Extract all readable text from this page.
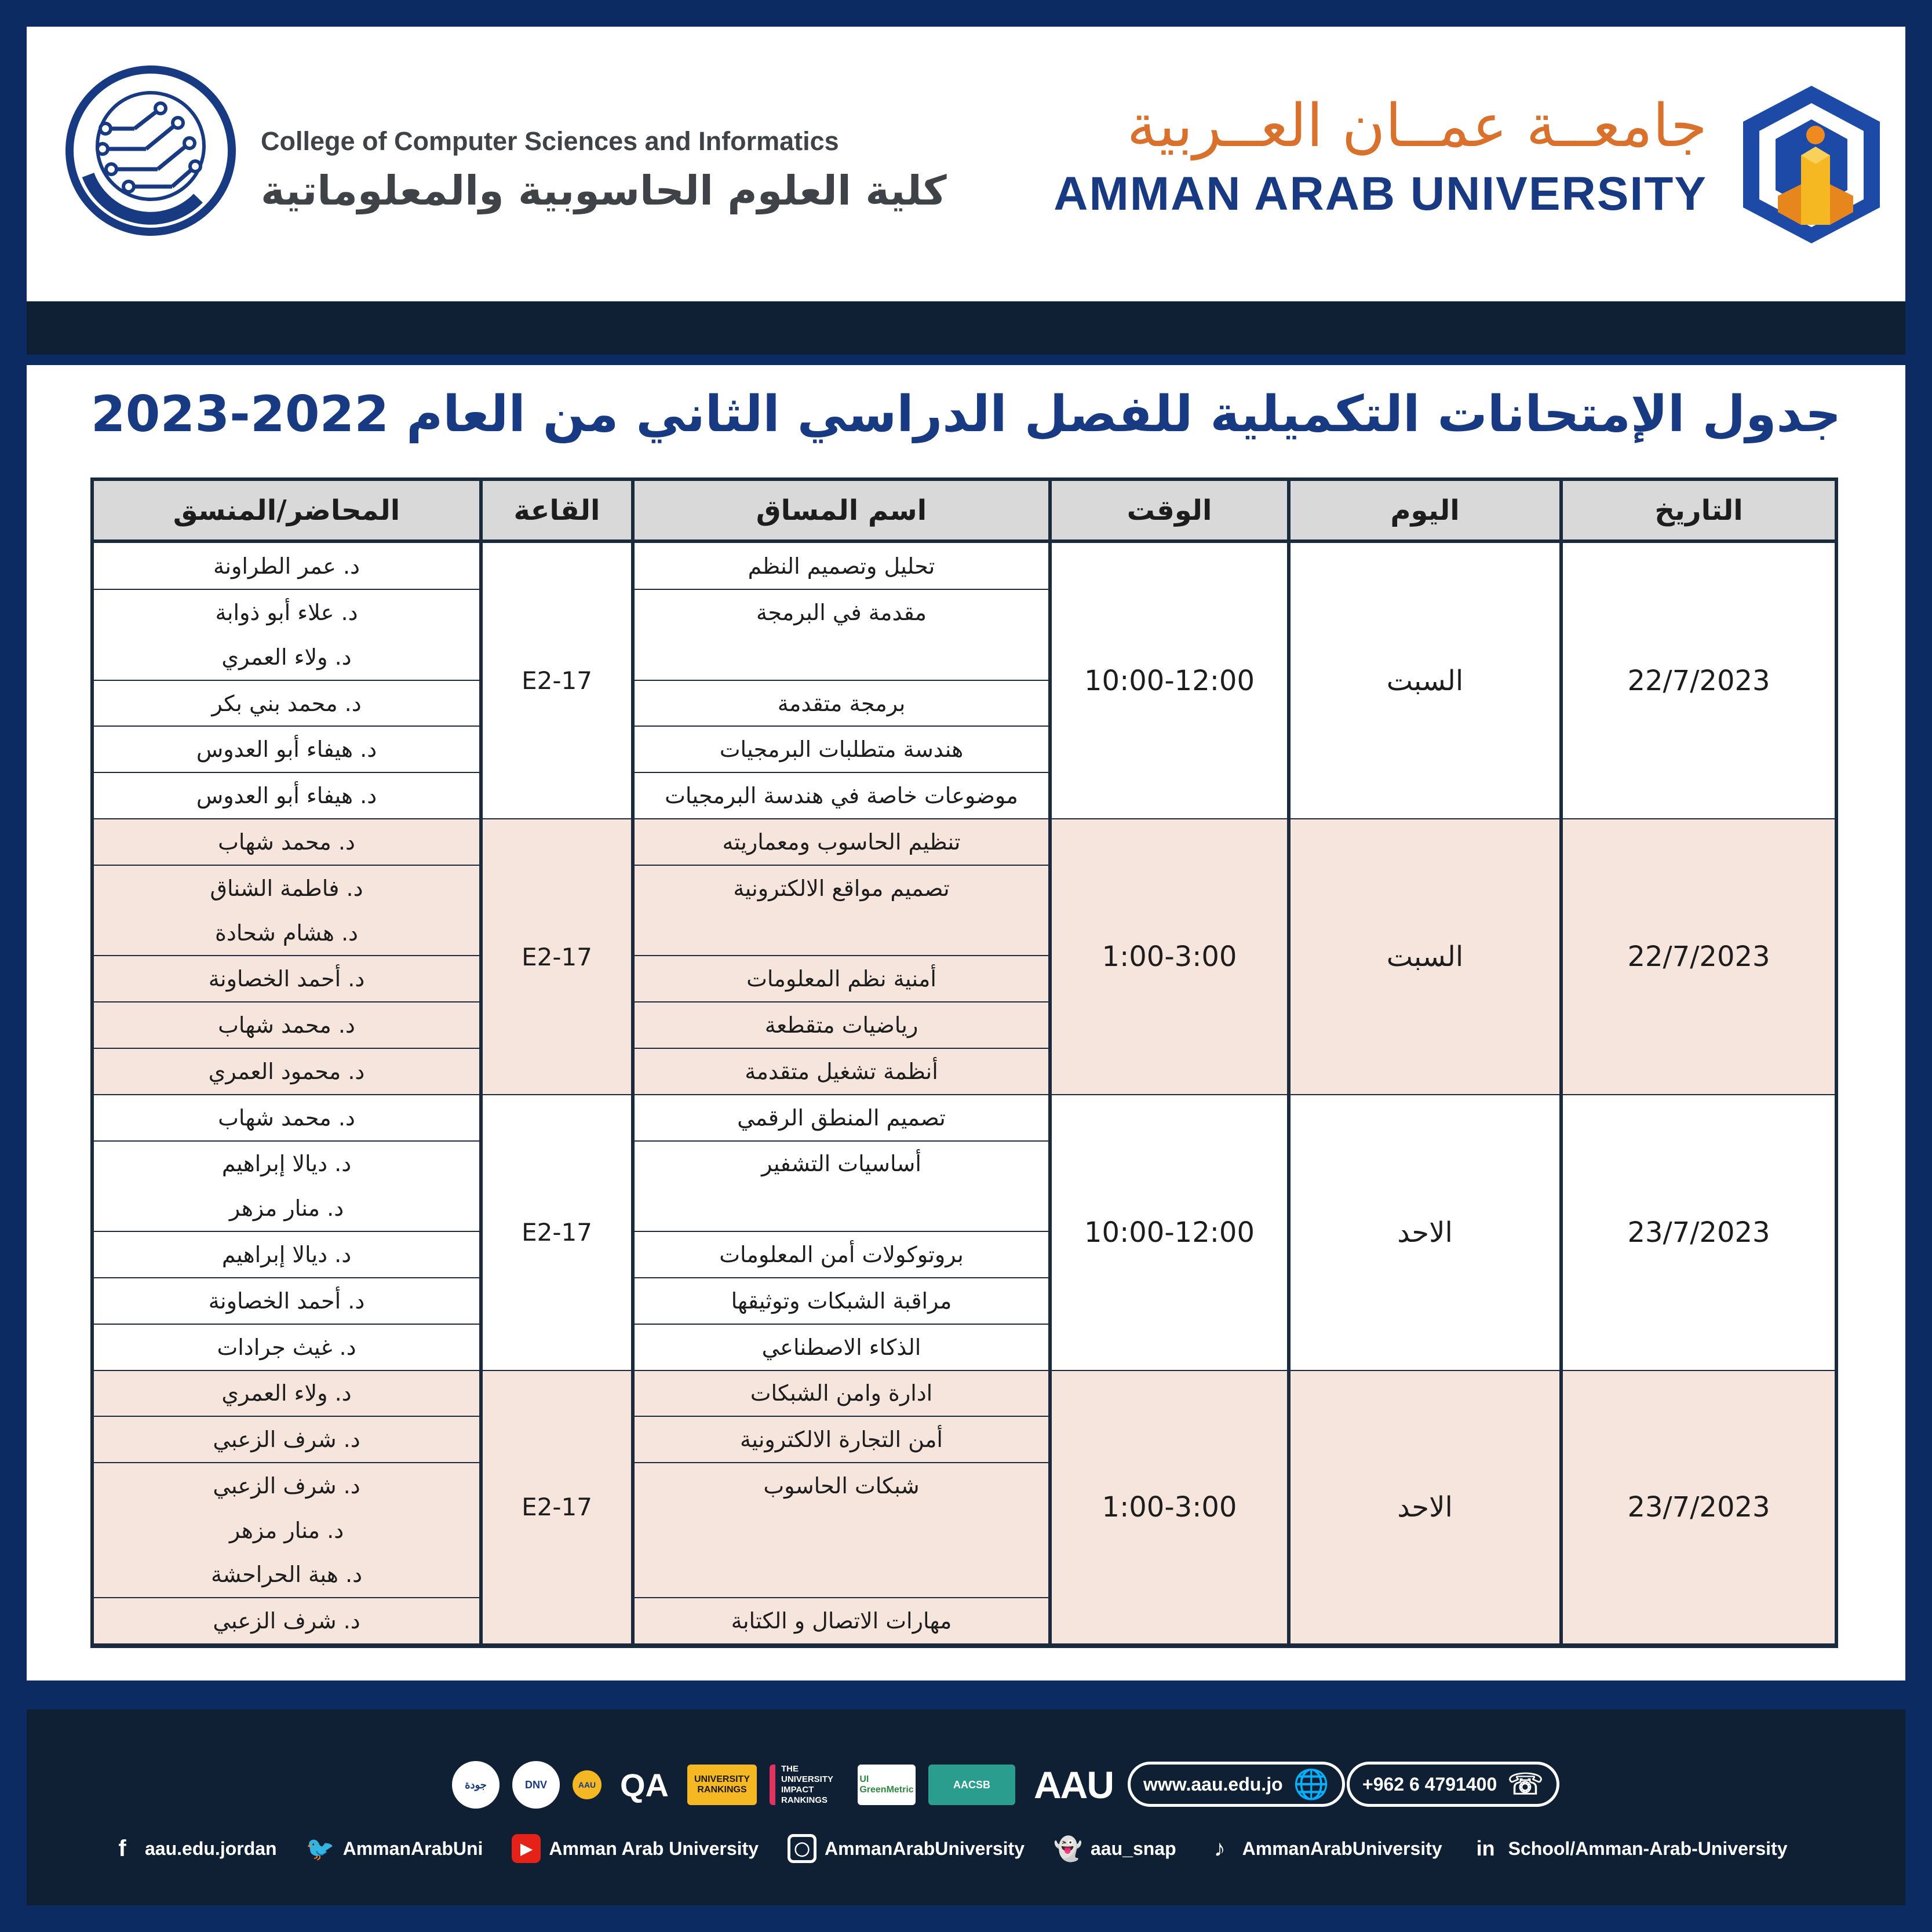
College of Computer Sciences and Informatics
كلية العلوم الحاسوبية والمعلوماتية
جامعــة عمــان العــربية
AMMAN ARAB UNIVERSITY
جدول الإمتحانات التكميلية للفصل الدراسي الثاني من العام 2022-2023
التاريخ	اليوم	الوقت	اسم المساق	القاعة	المحاضر/المنسق
22/7/2023	السبت	10:00-12:00	تحليل وتصميم النظم	E2-17	د. عمر الطراونة
			مقدمة في البرمجة		د. علاء أبو ذوابة
					د. ولاء العمري
			برمجة متقدمة		د. محمد بني بكر
			هندسة متطلبات البرمجيات		د. هيفاء أبو العدوس
			موضوعات خاصة في هندسة البرمجيات		د. هيفاء أبو العدوس
22/7/2023	السبت	1:00-3:00	تنظيم الحاسوب ومعماريته	E2-17	د. محمد شهاب
			تصميم مواقع الالكترونية		د. فاطمة الشناق
					د. هشام شحادة
			أمنية نظم المعلومات		د. أحمد الخصاونة
			رياضيات متقطعة		د. محمد شهاب
			أنظمة تشغيل متقدمة		د. محمود العمري
23/7/2023	الاحد	10:00-12:00	تصميم المنطق الرقمي	E2-17	د. محمد شهاب
			أساسيات التشفير		د. ديالا إبراهيم
					د. منار مزهر
			بروتوكولات أمن المعلومات		د. ديالا إبراهيم
			مراقبة الشبكات وتوثيقها		د. أحمد الخصاونة
			الذكاء الاصطناعي		د. غيث جرادات
23/7/2023	الاحد	1:00-3:00	ادارة وامن الشبكات	E2-17	د. ولاء العمري
			أمن التجارة الالكترونية		د. شرف الزعبي
			شبكات الحاسوب		د. شرف الزعبي
					د. منار مزهر
					د. هبة الحراحشة
			مهارات الاتصال و الكتابة		د. شرف الزعبي
جودة	DNV	AAU QA	UNIVERSITY RANKINGS
THE UNIVERSITY IMPACT RANKINGS
UI GreenMetric	AACSB	AAU	www.aau.edu.jo 🌐 +962 6 4791400 ☏
f	aau.edu.jordan 🐦 AmmanArabUni	▶ Amman Arab University	◯ AmmanArabUniversity 👻 aau_snap	♪ AmmanArabUniversity in School/Amman-Arab-University
